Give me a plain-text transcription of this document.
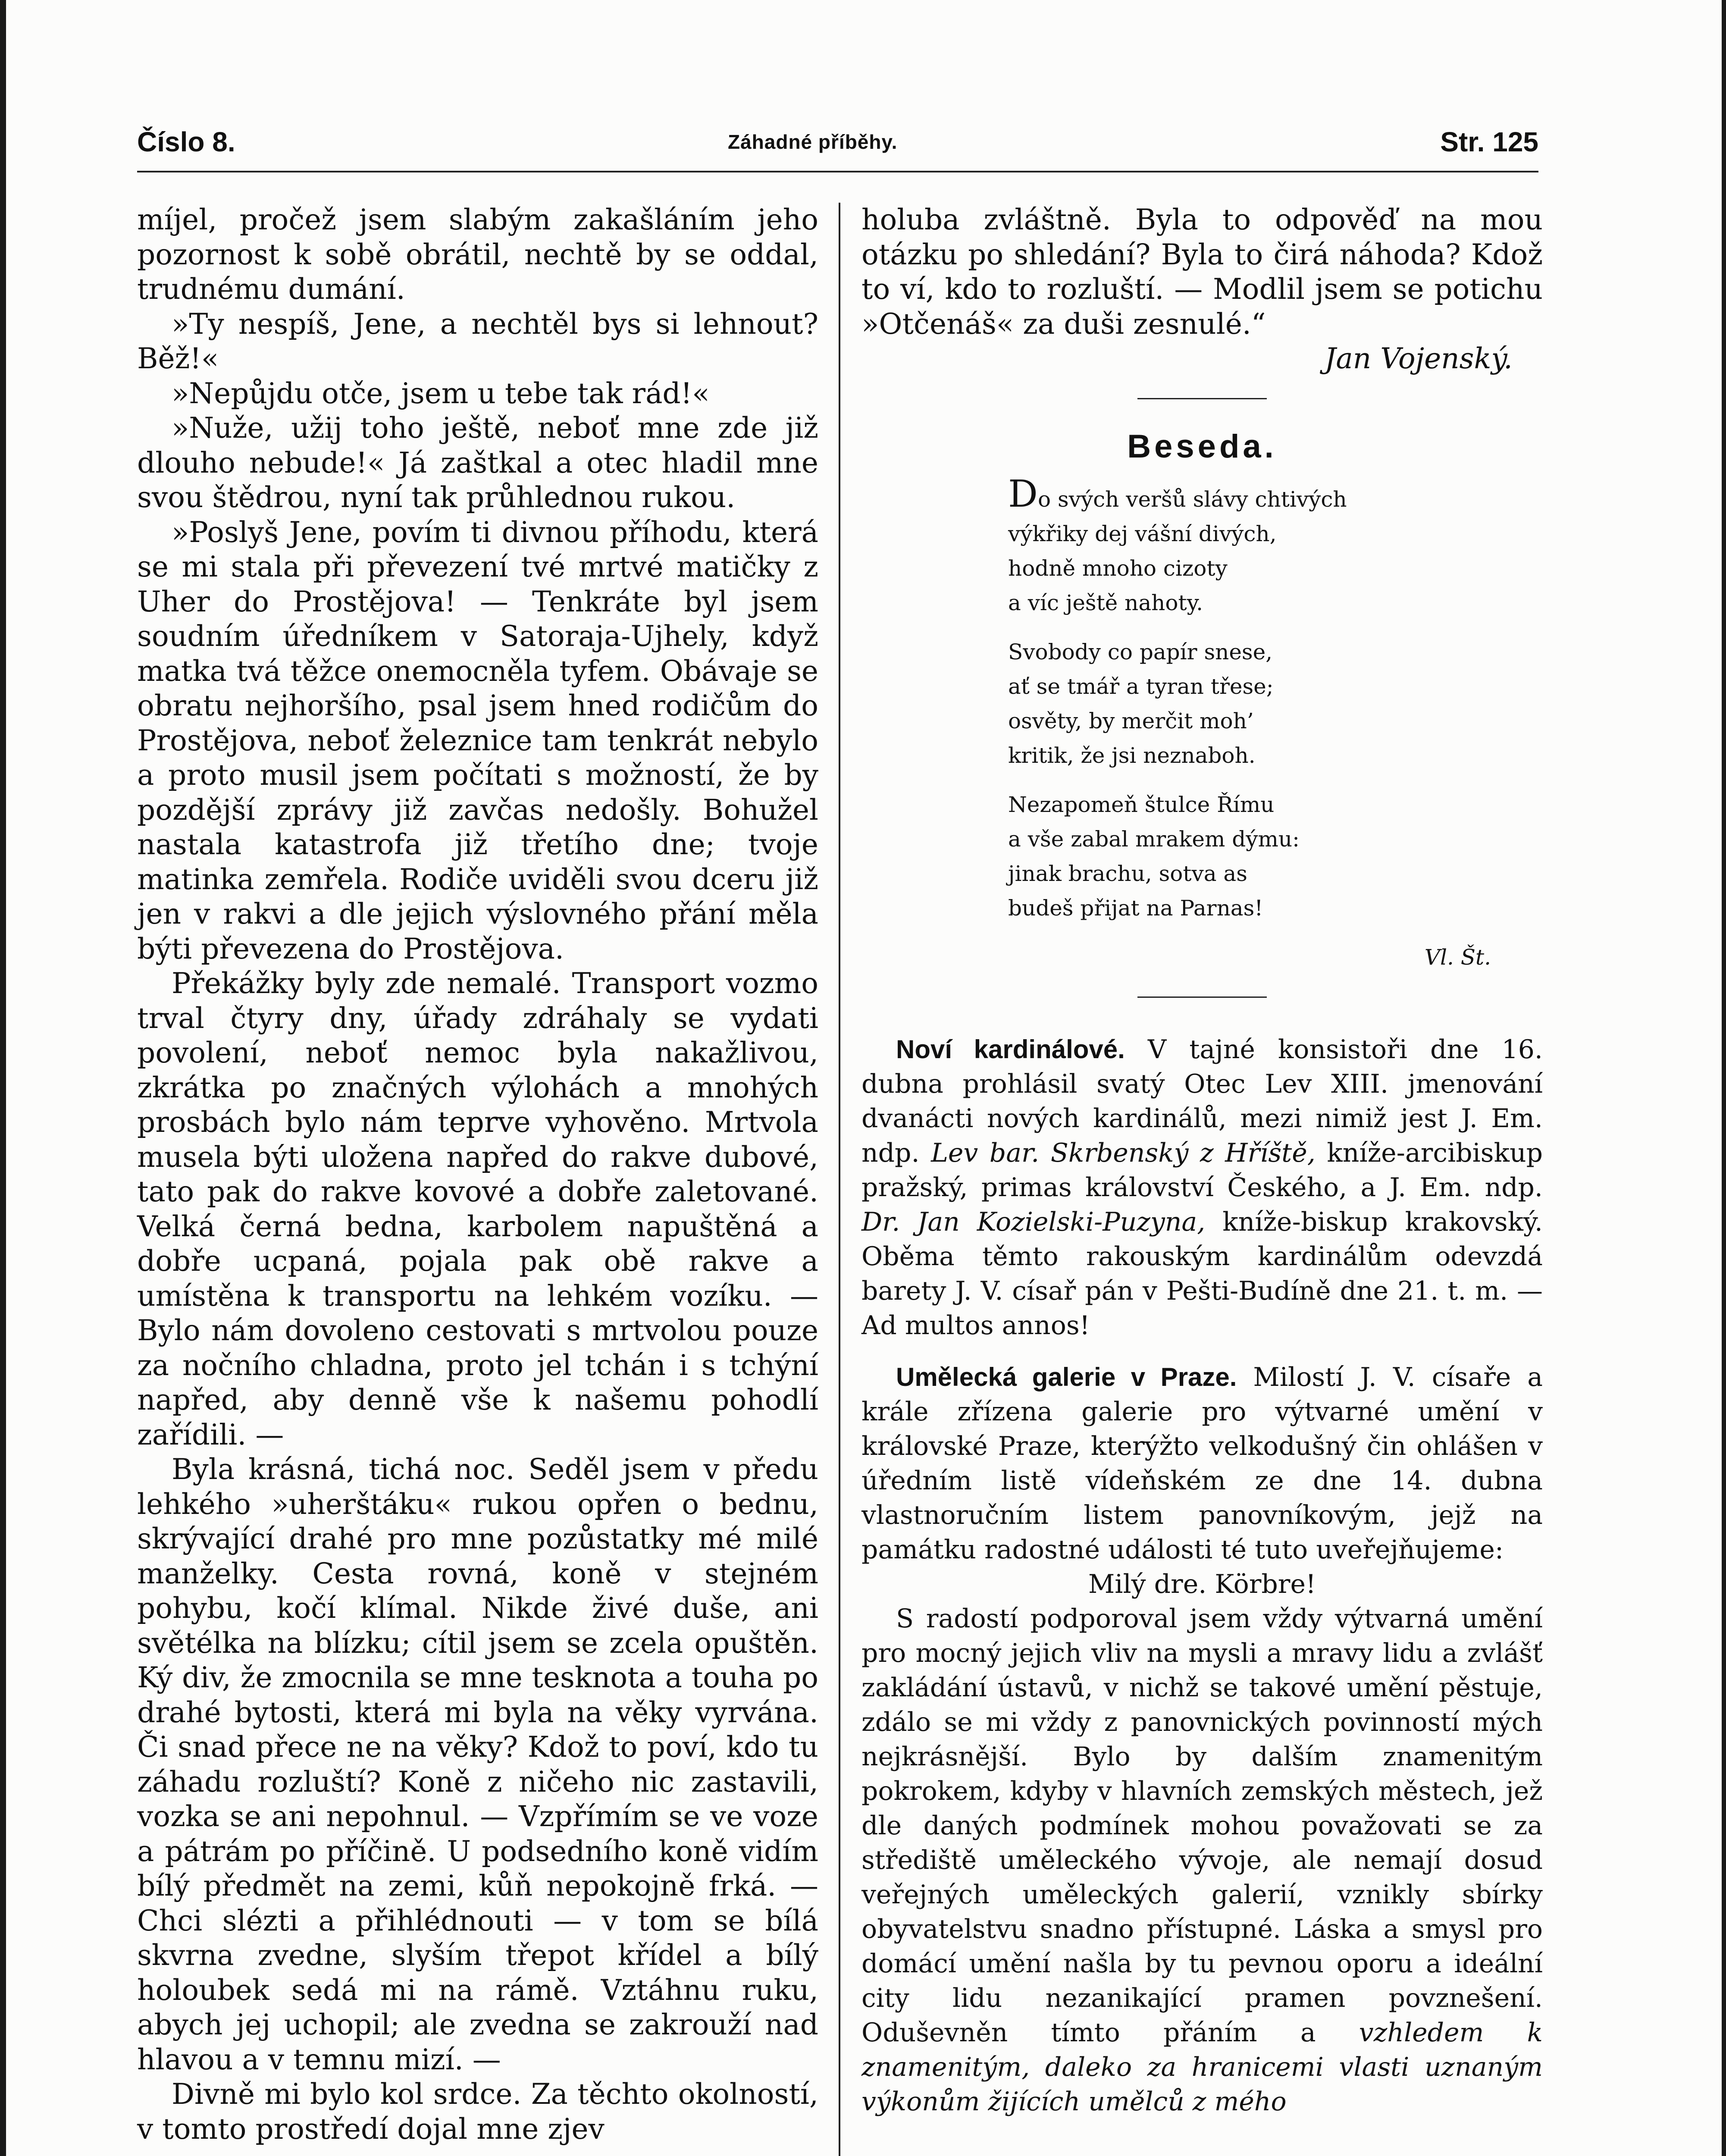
Číslo 8.	Záhadné příběhy.	Str. 125

míjel, pročež jsem slabým zakašláním jeho pozornost k sobě obrátil, nechtě by se oddal, trudnému dumání.

»Ty nespíš, Jene, a nechtěl bys si lehnout? Běž!«

»Nepůjdu otče, jsem u tebe tak rád!«

»Nuže, užij toho ještě, neboť mne zde již dlouho nebude!« Já zaštkal a otec hladil mne svou štědrou, nyní tak průhlednou rukou.

»Poslyš Jene, povím ti divnou příhodu, která se mi stala při převezení tvé mrtvé matičky z Uher do Prostějova! — Tenkráte byl jsem soudním úředníkem v Satoraja-Ujhely, když matka tvá těžce onemocněla tyfem. Obávaje se obratu nejhoršího, psal jsem hned rodičům do Prostějova, neboť železnice tam tenkrát nebylo a proto musil jsem počítati s možností, že by pozdější zprávy již zavčas nedošly. Bohužel nastala katastrofa již třetího dne; tvoje matinka zemřela. Rodiče uviděli svou dceru již jen v rakvi a dle jejich výslovného přání měla býti převezena do Prostějova.

Překážky byly zde nemalé. Transport vozmo trval čtyry dny, úřady zdráhaly se vydati povolení, neboť nemoc byla nakažlivou, zkrátka po značných výlohách a mnohých prosbách bylo nám teprve vyhověno. Mrtvola musela býti uložena napřed do rakve dubové, tato pak do rakve kovové a dobře zaletované. Velká černá bedna, karbolem napuštěná a dobře ucpaná, pojala pak obě rakve a umístěna k transportu na lehkém vozíku. — Bylo nám dovoleno cestovati s mrtvolou pouze za nočního chladna, proto jel tchán i s tchýní napřed, aby denně vše k našemu pohodlí zařídili. —

Byla krásná, tichá noc. Seděl jsem v předu lehkého »uherštáku« rukou opřen o bednu, skrývající drahé pro mne pozůstatky mé milé manželky. Cesta rovná, koně v stejném pohybu, kočí klímal. Nikde živé duše, ani světélka na blízku; cítil jsem se zcela opuštěn. Ký div, že zmocnila se mne tesknota a touha po drahé bytosti, která mi byla na věky vyrvána. Či snad přece ne na věky? Kdož to poví, kdo tu záhadu rozluští? Koně z ničeho nic zastavili, vozka se ani nepohnul. — Vzpřímím se ve voze a pátrám po příčině. U podsedního koně vidím bílý předmět na zemi, kůň nepokojně frká. — Chci slézti a přihlédnouti — v tom se bílá skvrna zvedne, slyším třepot křídel a bílý holoubek sedá mi na rámě. Vztáhnu ruku, abych jej uchopil; ale zvedna se zakrouží nad hlavou a v temnu mizí. —

Divně mi bylo kol srdce. Za těchto okolností, v tomto prostředí dojal mne zjev

holuba zvláštně. Byla to odpověď na mou otázku po shledání? Byla to čirá náhoda? Kdož to ví, kdo to rozluští. — Modlil jsem se potichu »Otčenáš« za duši zesnulé.“

Jan Vojenský.

Beseda.
Do svých veršů slávy chtivých
výkřiky dej vášní divých,
hodně mnoho cizoty
a víc ještě nahoty.
Svobody co papír snese,
ať se tmář a tyran třese;
osvěty, by merčit moh’
kritik, že jsi neznaboh.
Nezapomeň štulce Římu
a vše zabal mrakem dýmu:
jinak brachu, sotva as
budeš přijat na Parnas!

Vl. Št.

Noví kardinálové. V tajné konsistoři dne 16. dubna prohlásil svatý Otec Lev XIII. jmenování dvanácti nových kardinálů, mezi nimiž jest J. Em. ndp. Lev bar. Skrbenský z Hříště, kníže-arcibiskup pražský, primas království Českého, a J. Em. ndp. Dr. Jan Kozielski-Puzyna, kníže-biskup krakovský. Oběma těmto rakouským kardinálům odevzdá barety J. V. císař pán v Pešti-Budíně dne 21. t. m. — Ad multos annos!

Umělecká galerie v Praze. Milostí J. V. císaře a krále zřízena galerie pro výtvarné umění v královské Praze, kterýžto velkodušný čin ohlášen v úředním listě vídeňském ze dne 14. dubna vlastnoručním listem panovníkovým, jejž na památku radostné události té tuto uveřejňujeme:

Milý dre. Körbre!

S radostí podporoval jsem vždy výtvarná umění pro mocný jejich vliv na mysli a mravy lidu a zvlášť zakládání ústavů, v nichž se takové umění pěstuje, zdálo se mi vždy z panovnických povinností mých nejkrásnější. Bylo by dalším znamenitým pokrokem, kdyby v hlavních zemských městech, jež dle daných podmínek mohou považovati se za střediště uměleckého vývoje, ale nemají dosud veřejných uměleckých galerií, vznikly sbírky obyvatelstvu snadno přístupné. Láska a smysl pro domácí umění našla by tu pevnou oporu a ideální city lidu nezanikající pramen povznešení. Oduševněn tímto přáním a vzhledem k znamenitým, daleko za hranicemi vlasti uznaným výkonům žijících umělců z mého
